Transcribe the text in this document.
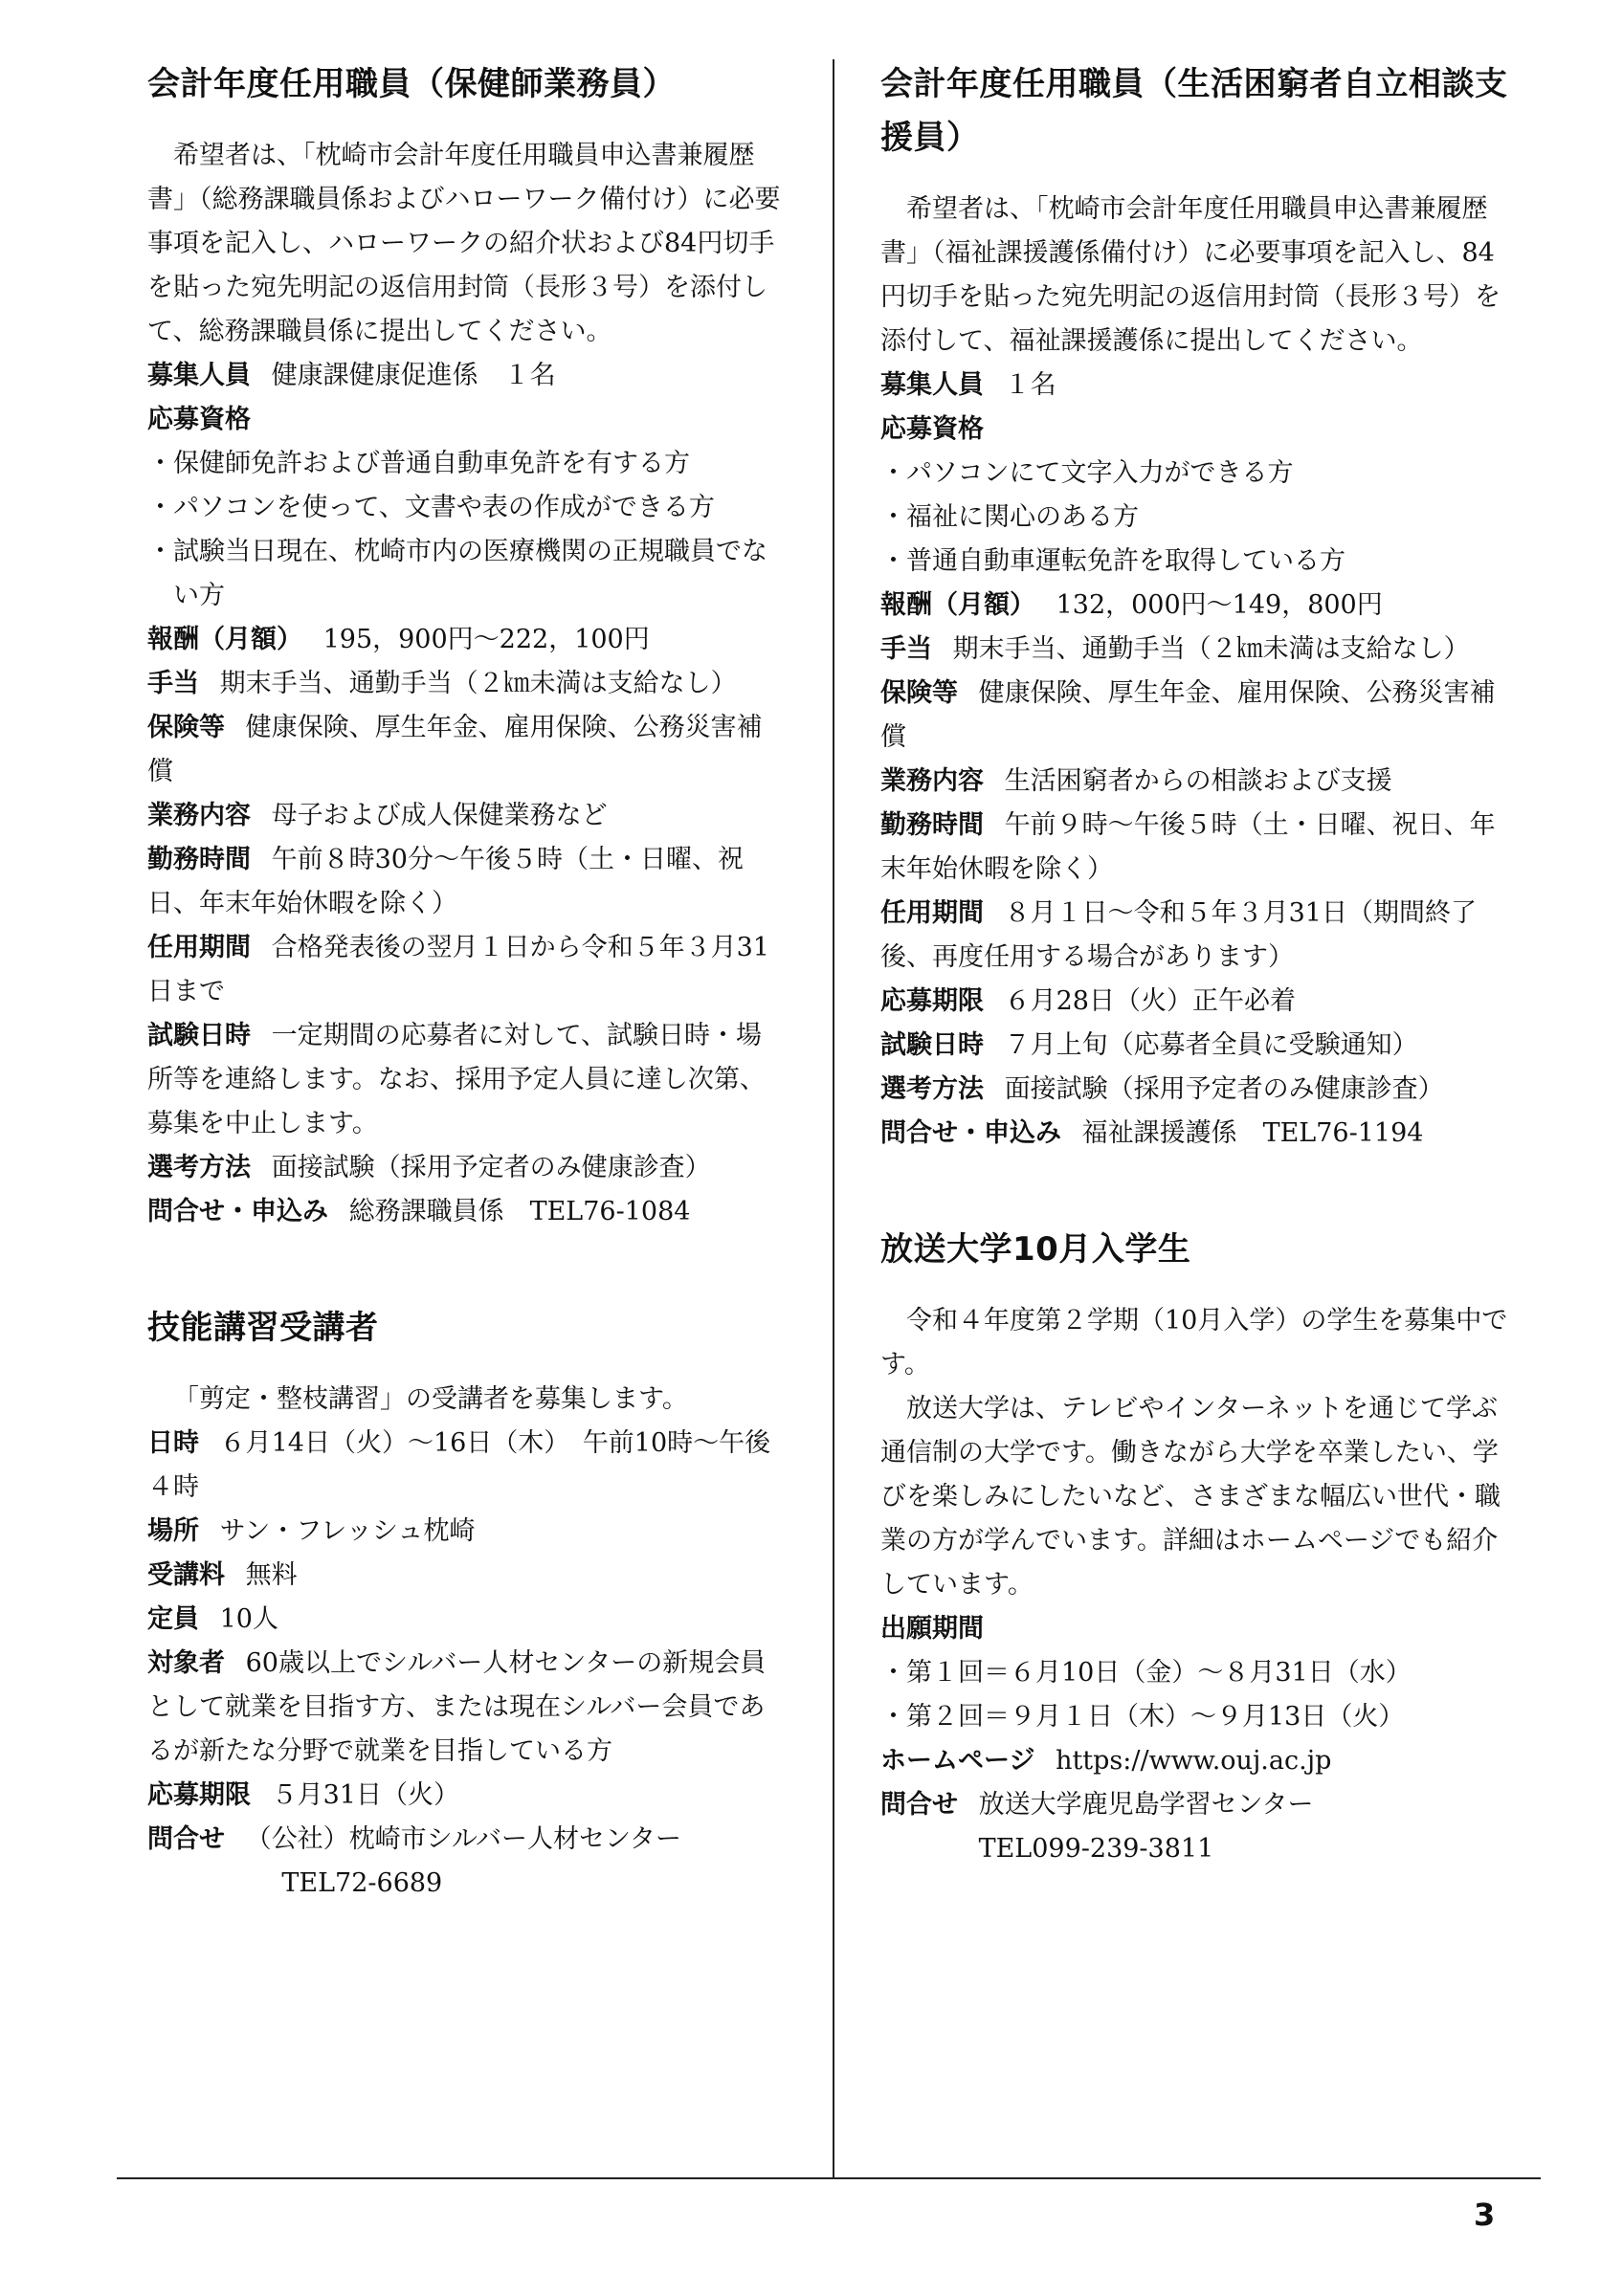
会計年度任用職員（保健師業務員）

希望者は、「枕崎市会計年度任用職員申込書兼履歴書」（総務課職員係およびハローワーク備付け）に必要事項を記入し、ハローワークの紹介状および84円切手を貼った宛先明記の返信用封筒（長形３号）を添付して、総務課職員係に提出してください。

募集人員 健康課健康促進係　１名
応募資格
・保健師免許および普通自動車免許を有する方
・パソコンを使って、文書や表の作成ができる方
・試験当日現在、枕崎市内の医療機関の正規職員でない方
報酬（月額） 195，900円～222，100円
手当 期末手当、通勤手当（２㎞未満は支給なし）
保険等 健康保険、厚生年金、雇用保険、公務災害補償
業務内容 母子および成人保健業務など
勤務時間 午前８時30分～午後５時（土・日曜、祝日、年末年始休暇を除く）
任用期間 合格発表後の翌月１日から令和５年３月31日まで
試験日時 一定期間の応募者に対して、試験日時・場所等を連絡します。なお、採用予定人員に達し次第、募集を中止します。
選考方法 面接試験（採用予定者のみ健康診査）
問合せ・申込み 総務課職員係　TEL76-1084
技能講習受講者

「剪定・整枝講習」の受講者を募集します。

日時 ６月14日（火）～16日（木）　午前10時～午後４時
場所 サン・フレッシュ枕崎
受講料 無料
定員 10人
対象者 60歳以上でシルバー人材センターの新規会員として就業を目指す方、または現在シルバー会員であるが新たな分野で就業を目指している方
応募期限 ５月31日（火）
問合せ （公社）枕崎市シルバー人材センター
TEL72-6689
会計年度任用職員（生活困窮者自立相談支援員）

希望者は、「枕崎市会計年度任用職員申込書兼履歴書」（福祉課援護係備付け）に必要事項を記入し、84円切手を貼った宛先明記の返信用封筒（長形３号）を添付して、福祉課援護係に提出してください。

募集人員 １名
応募資格
・パソコンにて文字入力ができる方
・福祉に関心のある方
・普通自動車運転免許を取得している方
報酬（月額） 132，000円～149，800円
手当 期末手当、通勤手当（２㎞未満は支給なし）
保険等 健康保険、厚生年金、雇用保険、公務災害補償
業務内容 生活困窮者からの相談および支援
勤務時間 午前９時～午後５時（土・日曜、祝日、年末年始休暇を除く）
任用期間 ８月１日～令和５年３月31日（期間終了後、再度任用する場合があります）
応募期限 ６月28日（火）正午必着
試験日時 ７月上旬（応募者全員に受験通知）
選考方法 面接試験（採用予定者のみ健康診査）
問合せ・申込み 福祉課援護係　TEL76-1194
放送大学10月入学生

令和４年度第２学期（10月入学）の学生を募集中です。

放送大学は、テレビやインターネットを通じて学ぶ通信制の大学です。働きながら大学を卒業したい、学びを楽しみにしたいなど、さまざまな幅広い世代・職業の方が学んでいます。詳細はホームページでも紹介しています。

出願期間
・第１回＝６月10日（金）～８月31日（水）
・第２回＝９月１日（木）～９月13日（火）
ホームページ https://www.ouj.ac.jp
問合せ 放送大学鹿児島学習センター
TEL099-239-3811
3
